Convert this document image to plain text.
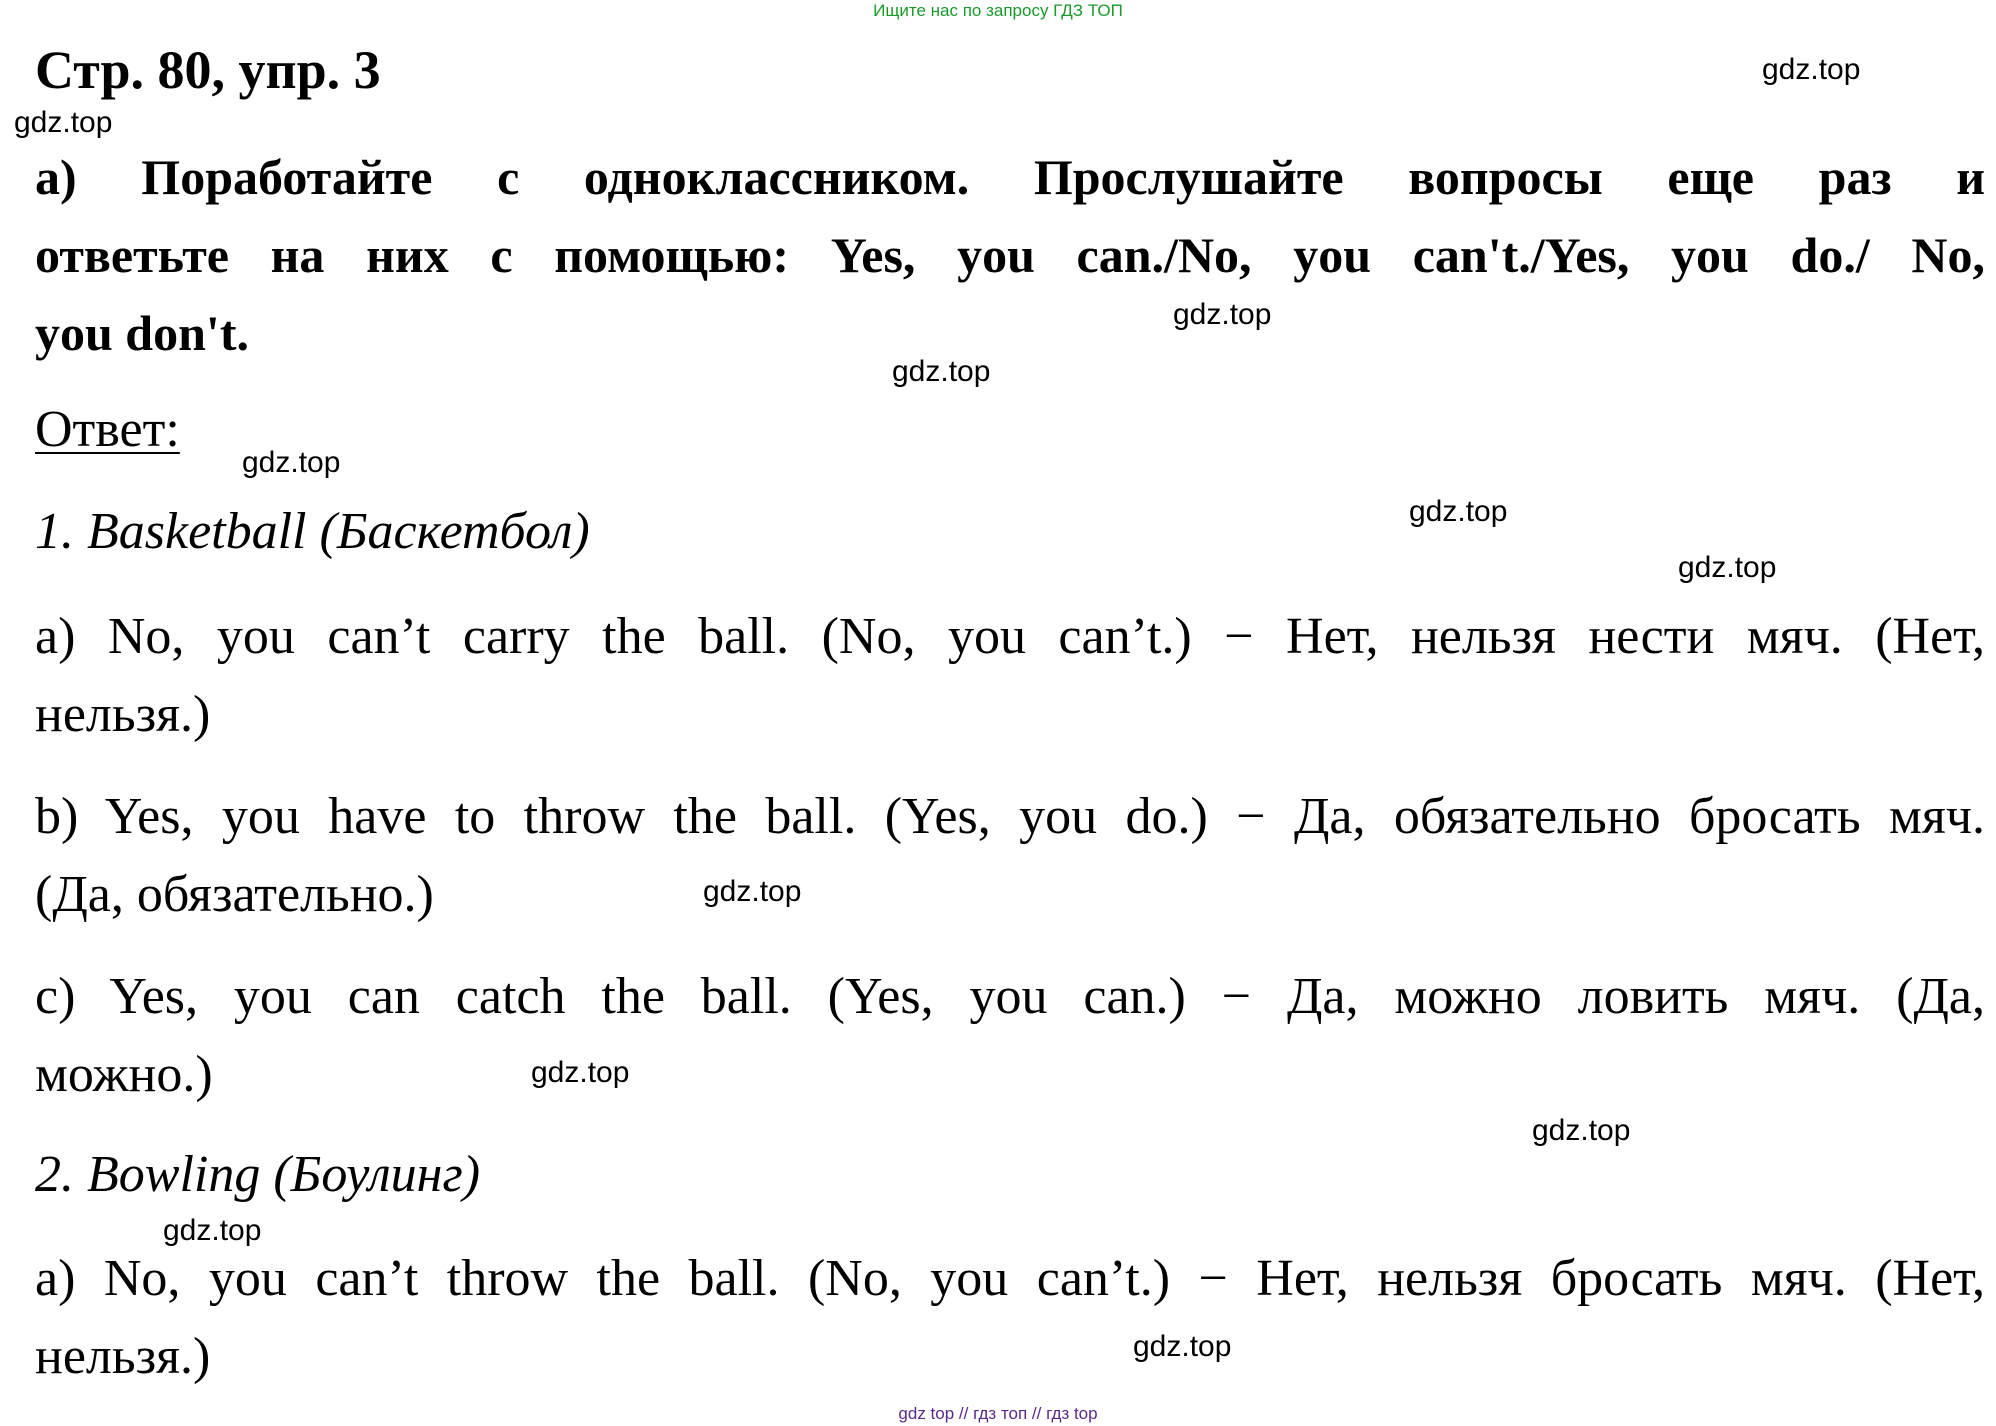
Ищите нас по запросу ГДЗ ТОП
Стр. 80, упр. 3
a) Поработайте с одноклассником. Прослушайте вопросы еще раз и
ответьте на них с помощью: Yes, you can./No, you can't./Yes, you do./ No,
you don't.
Ответ:
1. Basketball (Баскетбол)
a) No, you can’t carry the ball. (No, you can’t.) − Нет, нельзя нести мяч. (Нет,
нельзя.)
b) Yes, you have to throw the ball. (Yes, you do.) − Да, обязательно бросать мяч.
(Да, обязательно.)
c) Yes, you can catch the ball. (Yes, you can.) − Да, можно ловить мяч. (Да,
можно.)
2. Bowling (Боулинг)
a) No, you can’t throw the ball. (No, you can’t.) − Нет, нельзя бросать мяч. (Нет,
нельзя.)
gdz.top
gdz.top
gdz.top
gdz.top
gdz.top
gdz.top
gdz.top
gdz.top
gdz.top
gdz.top
gdz.top
gdz.top
gdz top // гдз топ // гдз top
